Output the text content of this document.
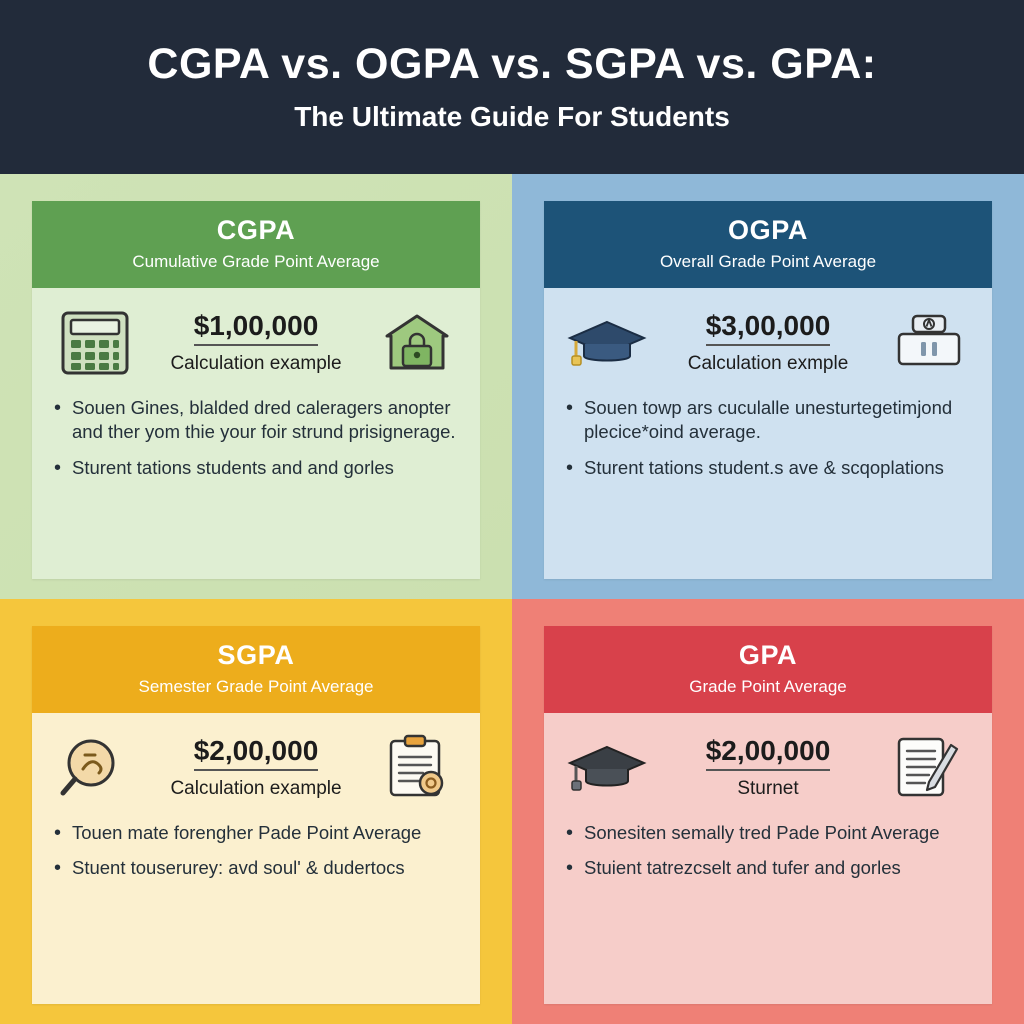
CGPA vs. OGPA vs. SGPA vs. GPA:
The Ultimate Guide For Students
CGPA
Cumulative Grade Point Average
$1,00,000
Calculation example
• Souen Gines, blalded dred caleragers anopter and ther yom thie your foir strund prisignerage.
• Sturent tations students and and gorles
OGPA
Overall Grade Point Average
$3,00,000
Calculation exmple
• Souen towp ars cuculalle unesturtegetimjond plecice*oind average.
• Sturent tations student.s ave & scqoplations
SGPA
Semester Grade Point Average
$2,00,000
Calculation example
• Touen mate forengher Pade Point Average
• Stuent touserurey: avd soul' & dudertocs
GPA
Grade Point Average
$2,00,000
Sturnet
• Sonesiten semally tred Pade Point Average
• Stuient tatrezcselt and tufer and gorles
